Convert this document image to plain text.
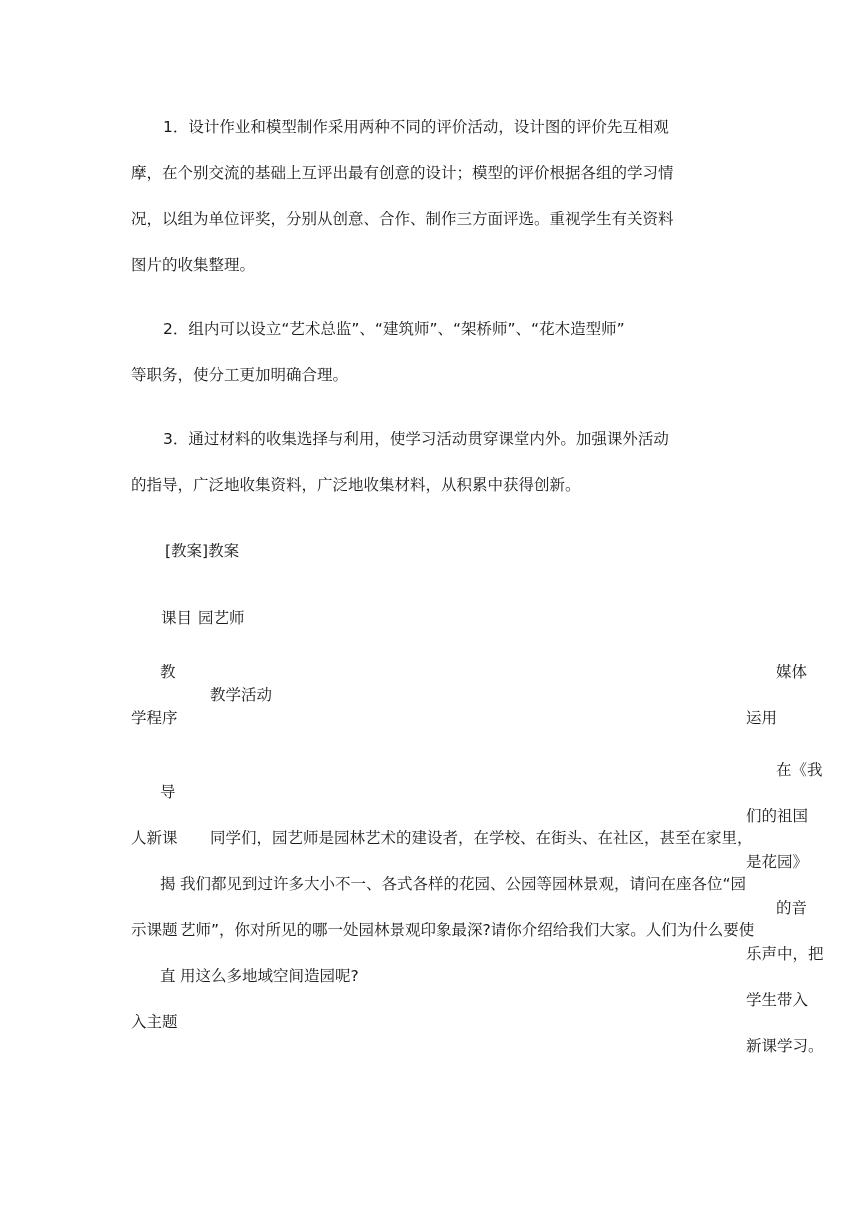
1．设计作业和模型制作采用两种不同的评价活动，设计图的评价先互相观
摩，在个别交流的基础上互评出最有创意的设计；模型的评价根据各组的学习情
况，以组为单位评奖，分别从创意、合作、制作三方面评选。重视学生有关资料
图片的收集整理。
2．组内可以设立“艺术总监”、“建筑师”、“架桥师”、“花木造型师”
等职务，使分工更加明确合理。
3．通过材料的收集选择与利用，使学习活动贯穿课堂内外。加强课外活动
的指导，广泛地收集资料，广泛地收集材料，从积累中获得创新。
[教案]教案
课目 园艺师
教
学程序
教学活动
媒体
运用
导
人新课
揭
示课题
直
入主题
同学们，园艺师是园林艺术的建设者，在学校、在街头、在社区，甚至在家里，
我们都见到过许多大小不一、各式各样的花园、公园等园林景观，请问在座各位“园
艺师”，你对所见的哪一处园林景观印象最深?请你介绍给我们大家。人们为什么要使
用这么多地域空间造园呢?
在《我
们的祖国
是花园》
的音
乐声中，把
学生带入
新课学习。
